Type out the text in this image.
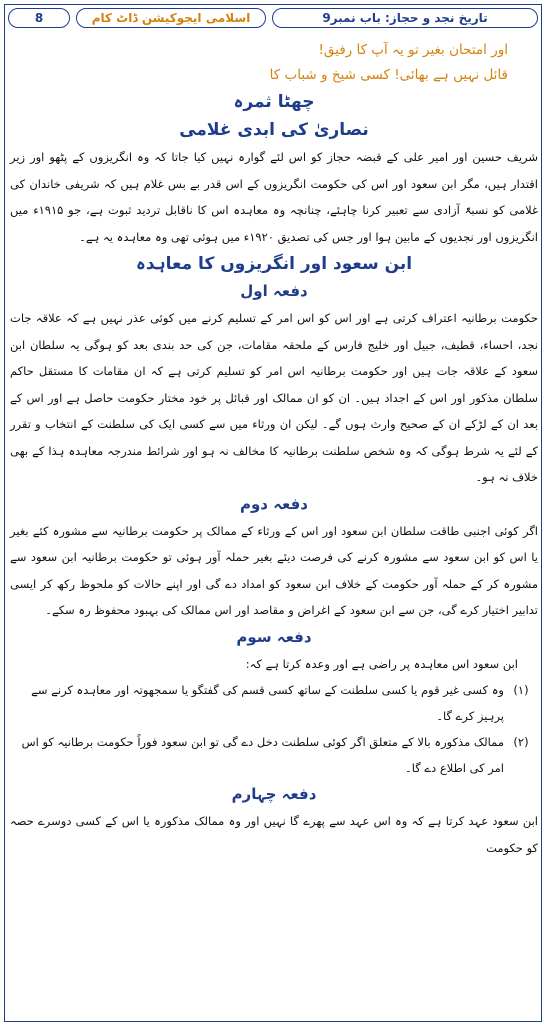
8	اسلامی ایجوکیشن ڈاٹ کام	تاریخ نجد و حجاز: باب نمبر9
اور امتحان بغیر تو یہ آپ کا رفیق!
قائل نہیں ہے بھائی! کسی شیخ و شباب کا
چھٹا ثمرہ
نصاریٰ کی ابدی غلامی

شریف حسین اور امیر علی کے قبضہ حجاز کو اس لئے گوارہ نہیں کیا جاتا کہ وہ انگریزوں کے پٹھو اور زیر اقتدار ہیں، مگر ابن سعود اور اس کی حکومت انگریزوں کے اس قدر بے بس غلام ہیں کہ شریفی خاندان کی غلامی کو نسبۃً آزادی سے تعبیر کرنا چاہئے، چنانچہ وہ معاہدہ اس کا ناقابل تردید ثبوت ہے، جو ۱۹۱۵ء میں انگریزوں اور نجدیوں کے مابین ہوا اور جس کی تصدیق ۱۹۲۰ء میں ہوئی تھی وہ معاہدہ یہ ہے۔

ابن سعود اور انگریزوں کا معاہدہ
دفعہ اول

حکومت برطانیہ اعتراف کرتی ہے اور اس کو اس امر کے تسلیم کرنے میں کوئی عذر نہیں ہے کہ علاقہ جات نجد، احساء، قطیف، جبیل اور خلیج فارس کے ملحقہ مقامات، جن کی حد بندی بعد کو ہوگی یہ سلطان ابن سعود کے علاقہ جات ہیں اور حکومت برطانیہ اس امر کو تسلیم کرتی ہے کہ ان مقامات کا مستقل حاکم سلطان مذکور اور اس کے اجداد ہیں۔ ان کو ان ممالک اور قبائل پر خود مختار حکومت حاصل ہے اور اس کے بعد ان کے لڑکے ان کے صحیح وارث ہوں گے۔ لیکن ان ورثاء میں سے کسی ایک کی سلطنت کے انتخاب و تقرر کے لئے یہ شرط ہوگی کہ وہ شخص سلطنت برطانیہ کا مخالف نہ ہو اور شرائط مندرجہ معاہدہ ہذا کے بھی خلاف نہ ہو۔

دفعہ دوم

اگر کوئی اجنبی طاقت سلطان ابن سعود اور اس کے ورثاء کے ممالک پر حکومت برطانیہ سے مشورہ کئے بغیر یا اس کو ابن سعود سے مشورہ کرنے کی فرصت دیئے بغیر حملہ آور ہوئی تو حکومت برطانیہ ابن سعود سے مشورہ کر کے حملہ آور حکومت کے خلاف ابن سعود کو امداد دے گی اور اپنے حالات کو ملحوظ رکھ کر ایسی تدابیر اختیار کرے گی، جن سے ابن سعود کے اغراض و مقاصد اور اس ممالک کی بہبود محفوظ رہ سکے۔

دفعہ سوم

ابن سعود اس معاہدہ پر راضی ہے اور وعدہ کرتا ہے کہ:

(۱)
وہ کسی غیر قوم یا کسی سلطنت کے ساتھ کسی قسم کی گفتگو یا سمجھوتہ اور معاہدہ کرنے سے پرہیز کرے گا۔
(۲)
ممالک مذکورہ بالا کے متعلق اگر کوئی سلطنت دخل دے گی تو ابن سعود فوراً حکومت برطانیہ کو اس امر کی اطلاع دے گا۔
دفعہ چہارم

ابن سعود عہد کرتا ہے کہ وہ اس عہد سے پھرے گا نہیں اور وہ ممالک مذکورہ یا اس کے کسی دوسرے حصہ کو حکومت
